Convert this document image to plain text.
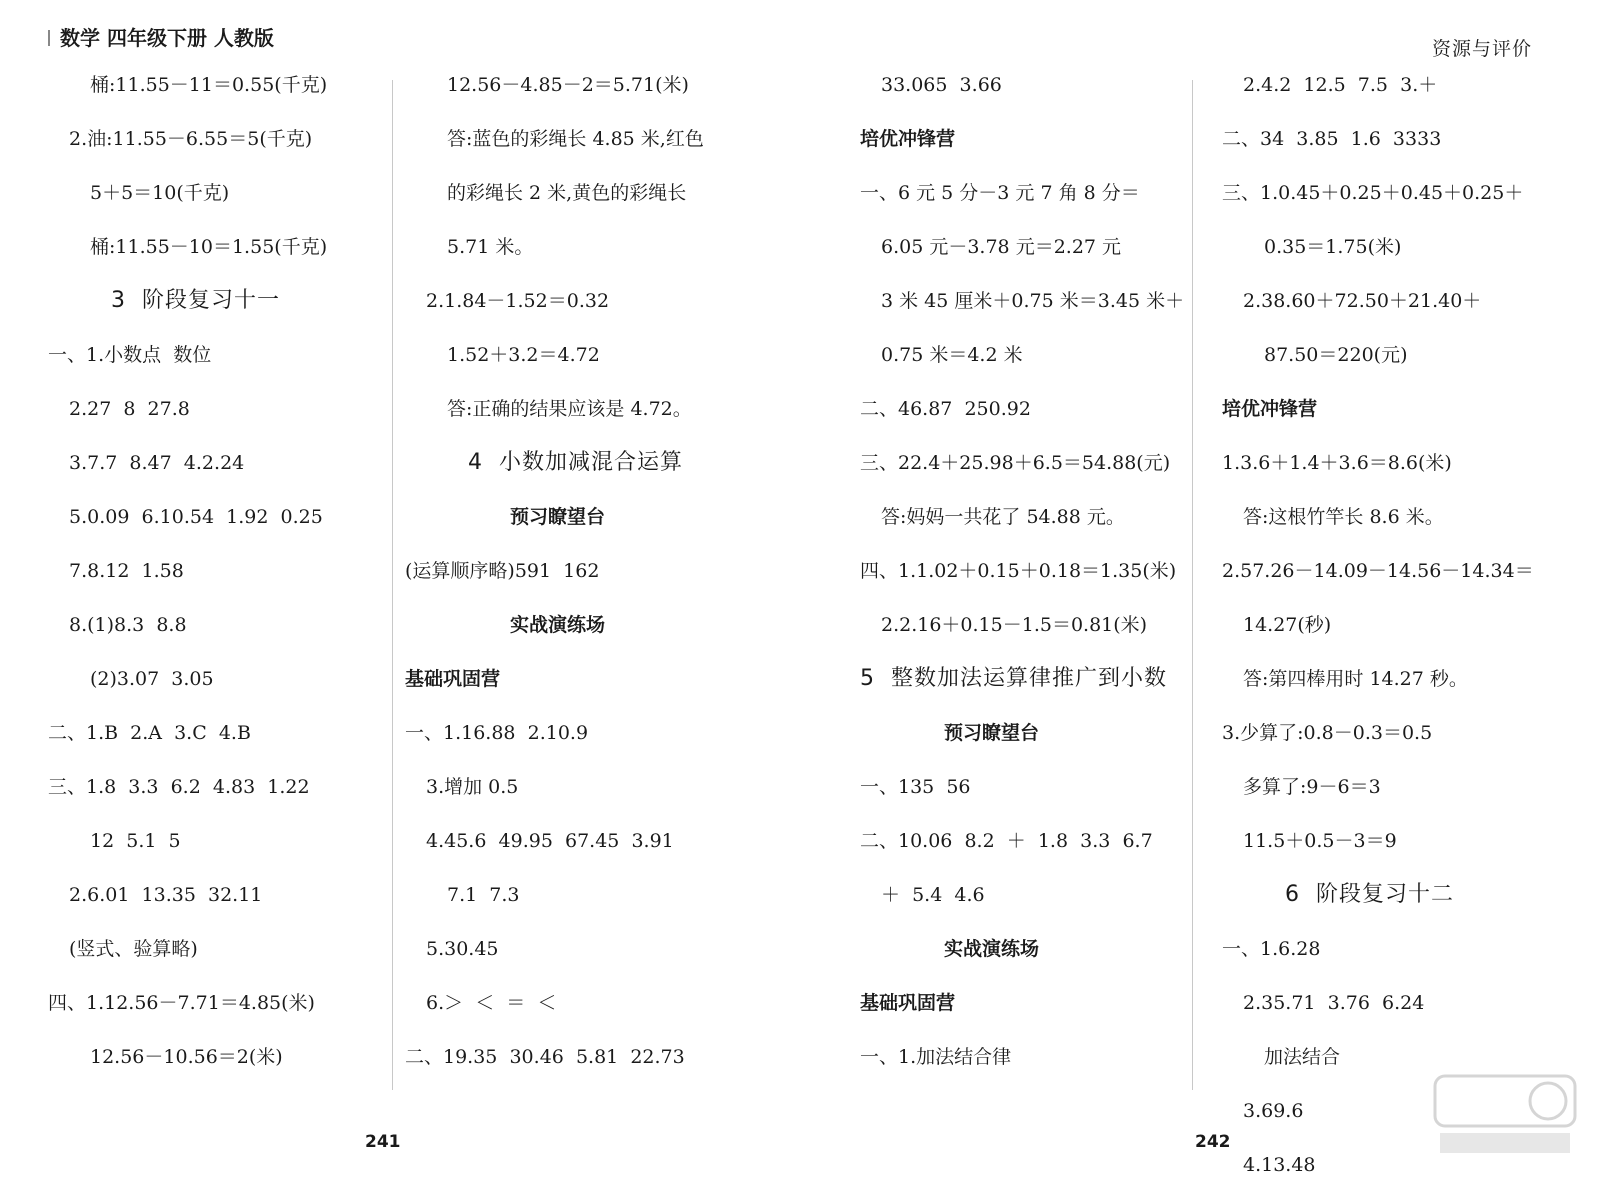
数学 四年级下册 人教版	资源与评价
桶:11.55－11＝0.55(千克)
2.油:11.55－6.55＝5(千克)
5＋5＝10(千克)
桶:11.55－10＝1.55(千克)
3  阶段复习十一
一、1.小数点  数位
2.27  8  27.8
3.7.7  8.47  4.2.24
5.0.09  6.10.54  1.92  0.25
7.8.12  1.58
8.(1)8.3  8.8
(2)3.07  3.05
二、1.B  2.A  3.C  4.B
三、1.8  3.3  6.2  4.83  1.22
12  5.1  5
2.6.01  13.35  32.11
(竖式、验算略)
四、1.12.56－7.71＝4.85(米)
12.56－10.56＝2(米)
12.56－4.85－2＝5.71(米)
答:蓝色的彩绳长 4.85 米,红色
的彩绳长 2 米,黄色的彩绳长
5.71 米。
2.1.84－1.52＝0.32
1.52＋3.2＝4.72
答:正确的结果应该是 4.72。
4  小数加减混合运算
预习瞭望台
(运算顺序略)591  162
实战演练场
基础巩固营
一、1.16.88  2.10.9
3.增加 0.5
4.45.6  49.95  67.45  3.91
7.1  7.3
5.30.45
6.＞  ＜  ＝  ＜
二、19.35  30.46  5.81  22.73
33.065  3.66
培优冲锋营
一、6 元 5 分－3 元 7 角 8 分＝
6.05 元－3.78 元＝2.27 元
3 米 45 厘米＋0.75 米＝3.45 米＋
0.75 米＝4.2 米
二、46.87  250.92
三、22.4＋25.98＋6.5＝54.88(元)
答:妈妈一共花了 54.88 元。
四、1.1.02＋0.15＋0.18＝1.35(米)
2.2.16＋0.15－1.5＝0.81(米)
5  整数加法运算律推广到小数
预习瞭望台
一、135  56
二、10.06  8.2  ＋  1.8  3.3  6.7
＋  5.4  4.6
实战演练场
基础巩固营
一、1.加法结合律
2.4.2  12.5  7.5  3.＋
二、34  3.85  1.6  3333
三、1.0.45＋0.25＋0.45＋0.25＋
0.35＝1.75(米)
2.38.60＋72.50＋21.40＋
87.50＝220(元)
培优冲锋营
1.3.6＋1.4＋3.6＝8.6(米)
答:这根竹竿长 8.6 米。
2.57.26－14.09－14.56－14.34＝
14.27(秒)
答:第四棒用时 14.27 秒。
3.少算了:0.8－0.3＝0.5
多算了:9－6＝3
11.5＋0.5－3＝9
6  阶段复习十二
一、1.6.28
2.35.71  3.76  6.24
加法结合
3.69.6
4.13.48
241	242
